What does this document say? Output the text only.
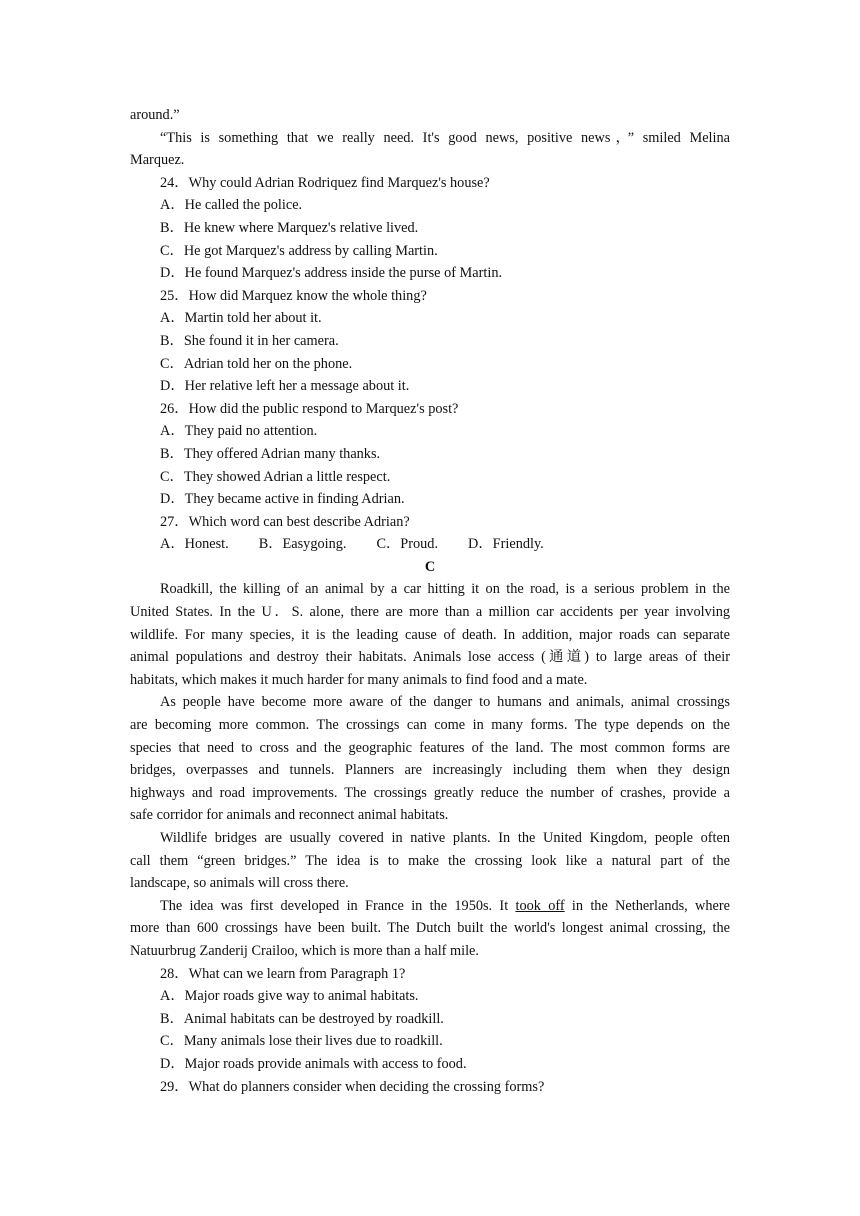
around.”
“This is something that we really need. It's good news, positive news，” smiled Melina
Marquez.
24．Why could Adrian Rodriquez find Marquez's house?
A．He called the police.
B．He knew where Marquez's relative lived.
C．He got Marquez's address by calling Martin.
D．He found Marquez's address inside the purse of Martin.
25．How did Marquez know the whole thing?
A．Martin told her about it.
B．She found it in her camera.
C．Adrian told her on the phone.
D．Her relative left her a message about it.
26．How did the public respond to Marquez's post?
A．They paid no attention.
B．They offered Adrian many thanks.
C．They showed Adrian a little respect.
D．They became active in finding Adrian.
27．Which word can best describe Adrian?
A．Honest. B．Easygoing. C．Proud. D．Friendly.
C
Roadkill, the killing of an animal by a car hitting it on the road, is a serious problem in the
United States. In the U．S. alone, there are more than a million car accidents per year involving
wildlife. For many species, it is the leading cause of death. In addition, major roads can separate
animal populations and destroy their habitats. Animals lose access (通道) to large areas of their
habitats, which makes it much harder for many animals to find food and a mate.
As people have become more aware of the danger to humans and animals, animal crossings
are becoming more common. The crossings can come in many forms. The type depends on the
species that need to cross and the geographic features of the land. The most common forms are
bridges, overpasses and tunnels. Planners are increasingly including them when they design
highways and road improvements. The crossings greatly reduce the number of crashes, provide a
safe corridor for animals and reconnect animal habitats.
Wildlife bridges are usually covered in native plants. In the United Kingdom, people often
call them “green bridges.” The idea is to make the crossing look like a natural part of the
landscape, so animals will cross there.
The idea was first developed in France in the 1950s. It took off in the Netherlands, where
more than 600 crossings have been built. The Dutch built the world's longest animal crossing, the
Natuurbrug Zanderij Crailoo, which is more than a half mile.
28．What can we learn from Paragraph 1?
A．Major roads give way to animal habitats.
B．Animal habitats can be destroyed by roadkill.
C．Many animals lose their lives due to roadkill.
D．Major roads provide animals with access to food.
29．What do planners consider when deciding the crossing forms?
